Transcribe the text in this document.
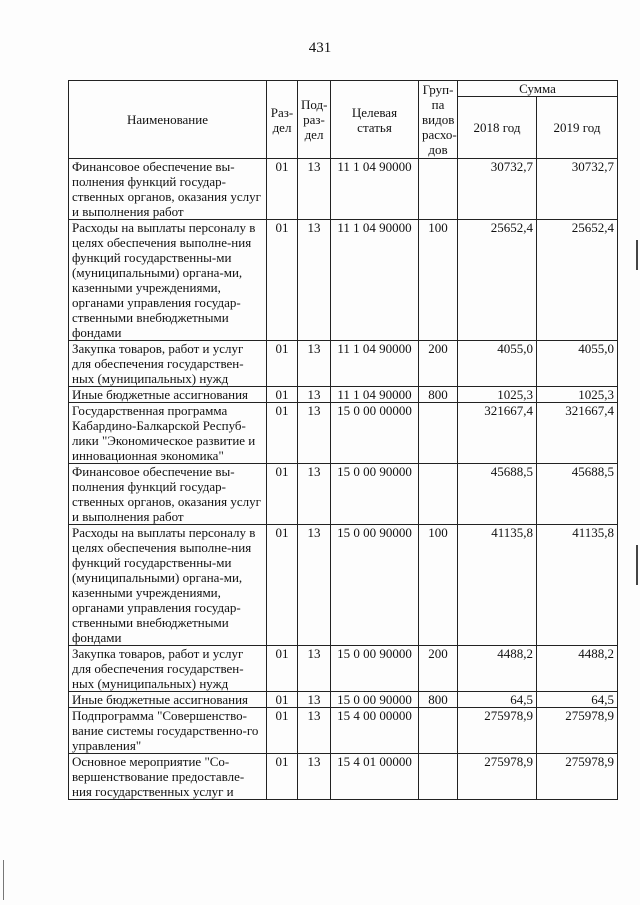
431
Наименование	Раз-дел	Под-раз-дел	Целевая статья	Груп-па видов расхо-дов	Сумма	
					2018 год	2019 год
Финансовое обеспечение вы-полнения функций государ-ственных органов, оказания услуг и выполнения работ	01	13	11 1 04 90000		30732,7	30732,7
Расходы на выплаты персоналу в целях обеспечения выполне-ния функций государственны-ми (муниципальными) органа-ми, казенными учреждениями, органами управления государ-ственными внебюджетными фондами	01	13	11 1 04 90000	100	25652,4	25652,4
Закупка товаров, работ и услуг для обеспечения государствен-ных (муниципальных) нужд	01	13	11 1 04 90000	200	4055,0	4055,0
Иные бюджетные ассигнования	01	13	11 1 04 90000	800	1025,3	1025,3
Государственная программа Кабардино-Балкарской Респуб-лики "Экономическое развитие и инновационная экономика"	01	13	15 0 00 00000		321667,4	321667,4
Финансовое обеспечение вы-полнения функций государ-ственных органов, оказания услуг и выполнения работ	01	13	15 0 00 90000		45688,5	45688,5
Расходы на выплаты персоналу в целях обеспечения выполне-ния функций государственны-ми (муниципальными) органа-ми, казенными учреждениями, органами управления государ-ственными внебюджетными фондами	01	13	15 0 00 90000	100	41135,8	41135,8
Закупка товаров, работ и услуг для обеспечения государствен-ных (муниципальных) нужд	01	13	15 0 00 90000	200	4488,2	4488,2
Иные бюджетные ассигнования	01	13	15 0 00 90000	800	64,5	64,5
Подпрограмма "Совершенство-вание системы государственно-го управления"	01	13	15 4 00 00000		275978,9	275978,9
Основное мероприятие "Со-вершенствование предоставле-ния государственных услуг и	01	13	15 4 01 00000		275978,9	275978,9
